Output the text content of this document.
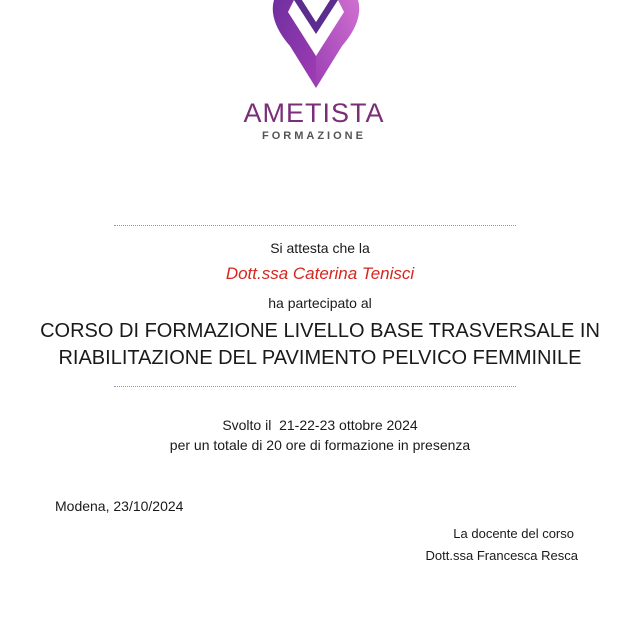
AMETISTA
FORMAZIONE
Si attesta che la
Dott.ssa Caterina Tenisci
ha partecipato al
CORSO DI FORMAZIONE LIVELLO BASE TRASVERSALE IN
RIABILITAZIONE DEL PAVIMENTO PELVICO FEMMINILE
Svolto il  21-22-23 ottobre 2024
per un totale di 20 ore di formazione in presenza
Modena, 23/10/2024
La docente del corso
Dott.ssa Francesca Resca
